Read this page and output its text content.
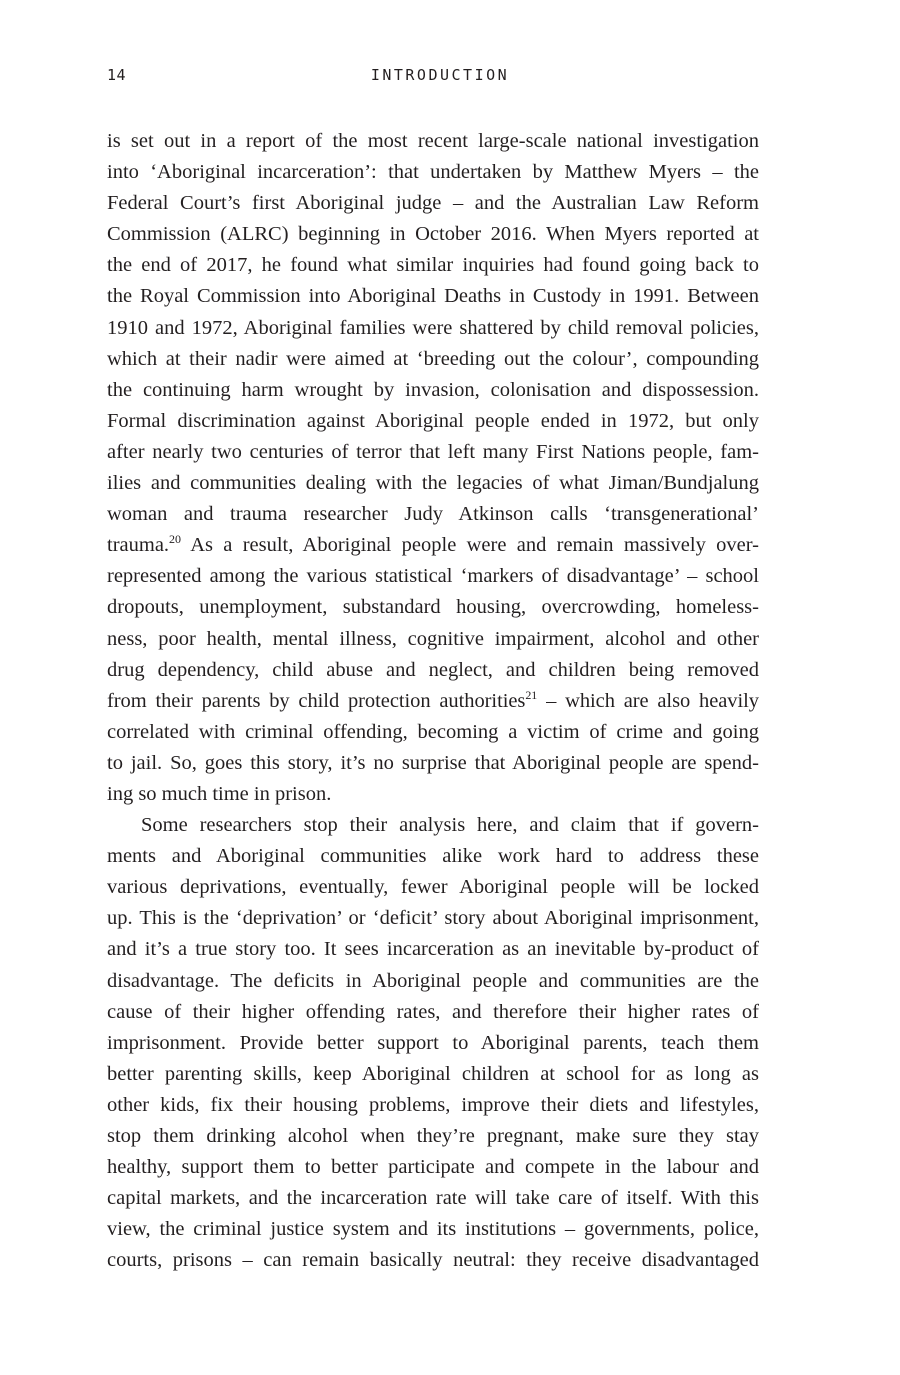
14	INTRODUCTION

is set out in a report of the most recent large-scale national investigation
into ‘Aboriginal incarceration’: that undertaken by Matthew Myers – the
Federal Court’s first Aboriginal judge – and the Australian Law Reform
Commission (ALRC) beginning in October 2016. When Myers reported at
the end of 2017, he found what similar inquiries had found going back to
the Royal Commission into Aboriginal Deaths in Custody in 1991. Between
1910 and 1972, Aboriginal families were shattered by child removal policies,
which at their nadir were aimed at ‘breeding out the colour’, compounding
the continuing harm wrought by invasion, colonisation and dispossession.
Formal discrimination against Aboriginal people ended in 1972, but only
after nearly two centuries of terror that left many First Nations people, fam-
ilies and communities dealing with the legacies of what Jiman/Bundjalung
woman and trauma researcher Judy Atkinson calls ‘transgenerational’
trauma.$^{20}$ As a result, Aboriginal people were and remain massively over-
represented among the various statistical ‘markers of disadvantage’ – school
dropouts, unemployment, substandard housing, overcrowding, homeless-
ness, poor health, mental illness, cognitive impairment, alcohol and other
drug dependency, child abuse and neglect, and children being removed
from their parents by child protection authorities$^{21}$ – which are also heavily
correlated with criminal offending, becoming a victim of crime and going
to jail. So, goes this story, it’s no surprise that Aboriginal people are spend-
ing so much time in prison.

Some researchers stop their analysis here, and claim that if govern-
ments and Aboriginal communities alike work hard to address these
various deprivations, eventually, fewer Aboriginal people will be locked
up. This is the ‘deprivation’ or ‘deficit’ story about Aboriginal imprisonment,
and it’s a true story too. It sees incarceration as an inevitable by-product of
disadvantage. The deficits in Aboriginal people and communities are the
cause of their higher offending rates, and therefore their higher rates of
imprisonment. Provide better support to Aboriginal parents, teach them
better parenting skills, keep Aboriginal children at school for as long as
other kids, fix their housing problems, improve their diets and lifestyles,
stop them drinking alcohol when they’re pregnant, make sure they stay
healthy, support them to better participate and compete in the labour and
capital markets, and the incarceration rate will take care of itself. With this
view, the criminal justice system and its institutions – governments, police,
courts, prisons – can remain basically neutral: they receive disadvantaged
